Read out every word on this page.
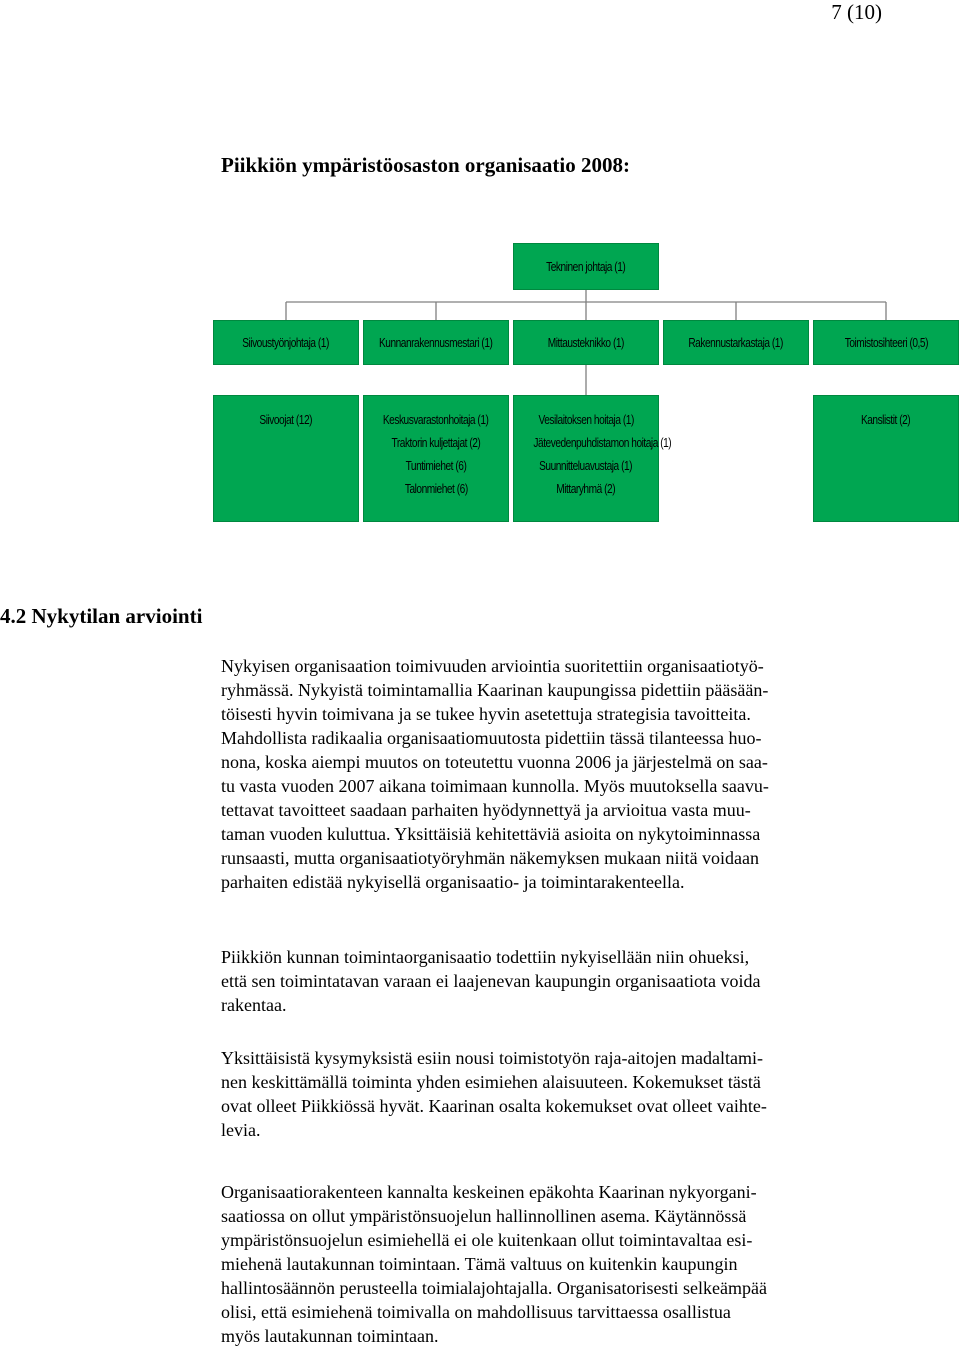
7 (10)
Piikkiön ympäristöosaston organisaatio 2008:
Tekninen johtaja (1)
Siivoustyönjohtaja (1)	Kunnanrakennusmestari (1)	Mittausteknikko (1)	Rakennustarkastaja (1)	Toimistosihteeri (0,5)
Siivoojat (12)	Keskusvarastonhoitaja (1)
Traktorin kuljettajat (2)
Tuntimiehet (6)
Talonmiehet (6)
Vesilaitoksen hoitaja (1)
Jätevedenpuhdistamon hoitaja (1)
Suunnitteluavustaja (1)
Mittaryhmä (2)
Kanslistit (2)
4.2 Nykytilan arviointi

Nykyisen organisaation toimivuuden arviointia suoritettiin organisaatiotyö-
ryhmässä. Nykyistä toimintamallia Kaarinan kaupungissa pidettiin pääsään-
töisesti hyvin toimivana ja se tukee hyvin asetettuja strategisia tavoitteita.
Mahdollista radikaalia organisaatiomuutosta pidettiin tässä tilanteessa huo-
nona, koska aiempi muutos on toteutettu vuonna 2006 ja järjestelmä on saa-
tu vasta vuoden 2007 aikana toimimaan kunnolla. Myös muutoksella saavu-
tettavat tavoitteet saadaan parhaiten hyödynnettyä ja arvioitua vasta muu-
taman vuoden kuluttua. Yksittäisiä kehitettäviä asioita on nykytoiminnassa
runsaasti, mutta organisaatiotyöryhmän näkemyksen mukaan niitä voidaan
parhaiten edistää nykyisellä organisaatio- ja toimintarakenteella.

Piikkiön kunnan toimintaorganisaatio todettiin nykyisellään niin ohueksi,
että sen toimintatavan varaan ei laajenevan kaupungin organisaatiota voida
rakentaa.

Yksittäisistä kysymyksistä esiin nousi toimistotyön raja-aitojen madaltami-
nen keskittämällä toiminta yhden esimiehen alaisuuteen. Kokemukset tästä
ovat olleet Piikkiössä hyvät. Kaarinan osalta kokemukset ovat olleet vaihte-
levia.

Organisaatiorakenteen kannalta keskeinen epäkohta Kaarinan nykyorgani-
saatiossa on ollut ympäristönsuojelun hallinnollinen asema. Käytännössä
ympäristönsuojelun esimiehellä ei ole kuitenkaan ollut toimintavaltaa esi-
miehenä lautakunnan toimintaan. Tämä valtuus on kuitenkin kaupungin
hallintosäännön perusteella toimialajohtajalla. Organisatorisesti selkeämpää
olisi, että esimiehenä toimivalla on mahdollisuus tarvittaessa osallistua
myös lautakunnan toimintaan.
